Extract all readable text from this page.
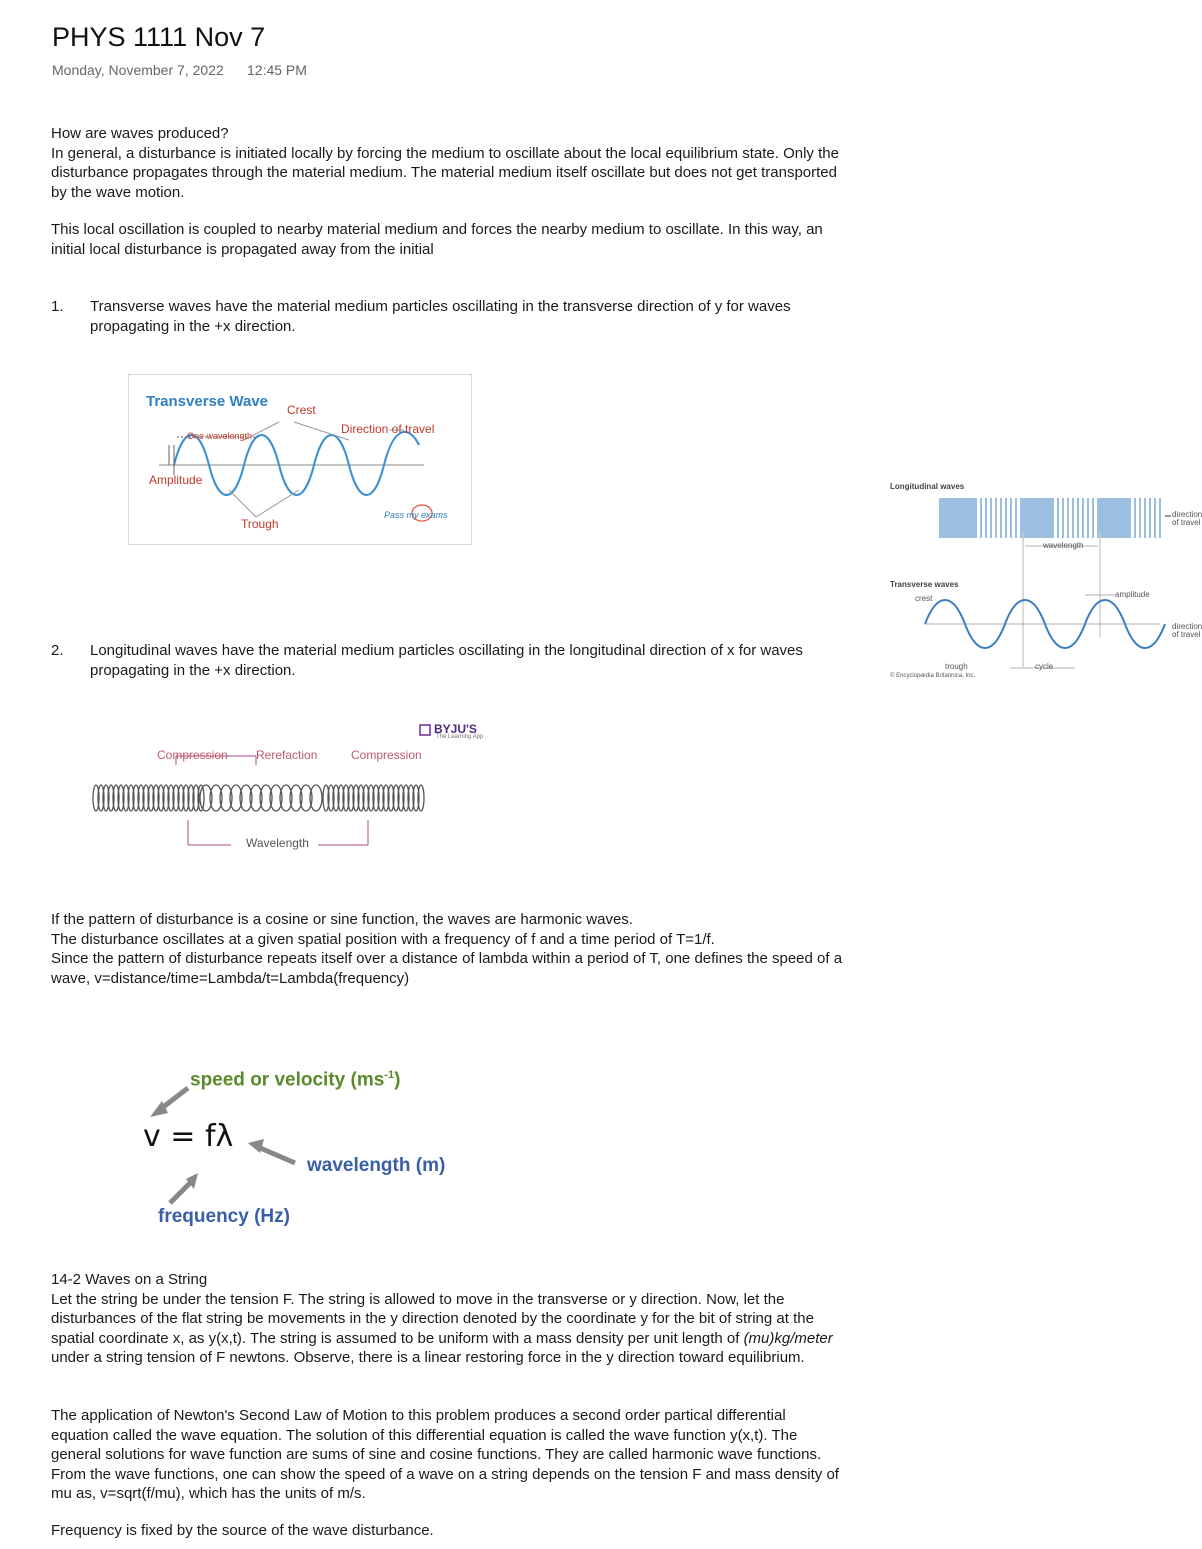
PHYS 1111 Nov 7
Monday, November 7, 2022 12:45 PM
How are waves produced?
In general, a disturbance is initiated locally by forcing the medium to oscillate about the local equilibrium state. Only the
disturbance propagates through the material medium. The material medium itself oscillate but does not get transported
by the wave motion.
This local oscillation is coupled to nearby material medium and forces the nearby medium to oscillate. In this way, an
initial local disturbance is propagated away from the initial
1. Transverse waves have the material medium particles oscillating in the transverse direction of y for waves
propagating in the +x direction.
Transverse Wave Crest
Direction of travel
One wavelength
Amplitude
Trough
Pass my exams
2. Longitudinal waves have the material medium particles oscillating in the longitudinal direction of x for waves
propagating in the +x direction.
BYJU'S
The Learning App
Compression Rerefaction	Compression
Wavelength
Longitudinal waves
Transverse waves
crest
wavelength
amplitude
direction
of travel
direction
of travel
trough	cycle
© Encyclopædia Britannica, Inc.
If the pattern of disturbance is a cosine or sine function, the waves are harmonic waves.
The disturbance oscillates at a given spatial position with a frequency of f and a time period of T=1/f.
Since the pattern of disturbance repeats itself over a distance of lambda within a period of T, one defines the speed of a
wave, v=distance/time=Lambda/t=Lambda(frequency)
speed or velocity $(ms^{-1})$
v = fλ
wavelength (m)
frequency (Hz)
14-2 Waves on a String
Let the string be under the tension F. The string is allowed to move in the transverse or y direction. Now, let the
disturbances of the flat string be movements in the y direction denoted by the coordinate y for the bit of string at the
spatial coordinate x, as y(x,t). The string is assumed to be uniform with a mass density per unit length of (mu)kg/meter
under a string tension of F newtons. Observe, there is a linear restoring force in the y direction toward equilibrium.
The application of Newton's Second Law of Motion to this problem produces a second order partical differential
equation called the wave equation. The solution of this differential equation is called the wave function y(x,t). The
general solutions for wave function are sums of sine and cosine functions. They are called harmonic wave functions.
From the wave functions, one can show the speed of a wave on a string depends on the tension F and mass density of
mu as, v=sqrt(f/mu), which has the units of m/s.
Frequency is fixed by the source of the wave disturbance.
